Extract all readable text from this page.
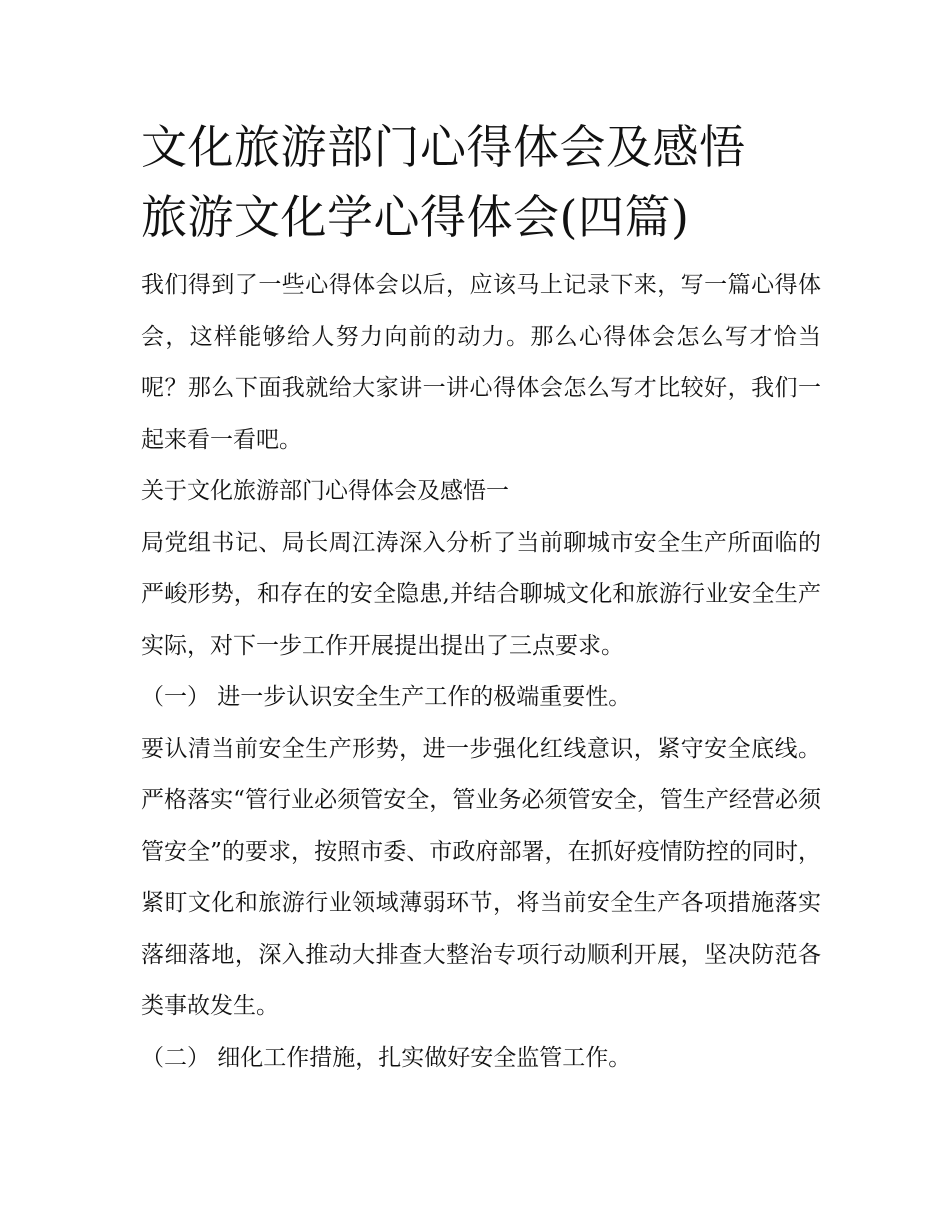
文化旅游部门心得体会及感悟
旅游文化学心得体会(四篇)

我们得到了一些心得体会以后，应该马上记录下来，写一篇心得体会，这样能够给人努力向前的动力。那么心得体会怎么写才恰当呢？那么下面我就给大家讲一讲心得体会怎么写才比较好，我们一起来看一看吧。

关于文化旅游部门心得体会及感悟一

局党组书记、局长周江涛深入分析了当前聊城市安全生产所面临的严峻形势，和存在的安全隐患,并结合聊城文化和旅游行业安全生产实际，对下一步工作开展提出提出了三点要求。

（一） 进一步认识安全生产工作的极端重要性。

要认清当前安全生产形势，进一步强化红线意识，紧守安全底线。严格落实“管行业必须管安全，管业务必须管安全，管生产经营必须管安全”的要求，按照市委、市政府部署，在抓好疫情防控的同时，紧盯文化和旅游行业领域薄弱环节，将当前安全生产各项措施落实落细落地，深入推动大排查大整治专项行动顺利开展，坚决防范各类事故发生。

（二） 细化工作措施，扎实做好安全监管工作。
